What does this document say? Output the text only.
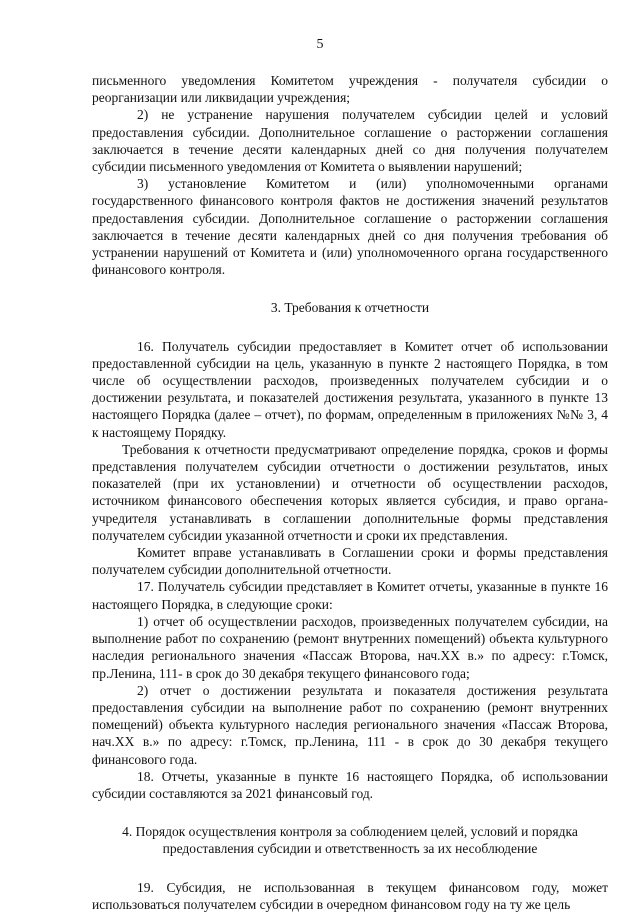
5

письменного уведомления Комитетом учреждения - получателя субсидии о реорганизации или ликвидации учреждения;

2) не устранение нарушения получателем субсидии целей и условий предоставления субсидии. Дополнительное соглашение о расторжении соглашения заключается в течение десяти календарных дней со дня получения получателем субсидии письменного уведомления от Комитета о выявлении нарушений;

3) установление Комитетом и (или) уполномоченными органами государственного финансового контроля фактов не достижения значений результатов предоставления субсидии. Дополнительное соглашение о расторжении соглашения заключается в течение десяти календарных дней со дня получения требования об устранении нарушений от Комитета и (или) уполномоченного органа государственного финансового контроля.

3. Требования к отчетности

16. Получатель субсидии предоставляет в Комитет отчет об использовании предоставленной субсидии на цель, указанную в пункте 2 настоящего Порядка, в том числе об осуществлении расходов, произведенных получателем субсидии и о достижении результата, и показателей достижения результата, указанного в пункте 13 настоящего Порядка (далее – отчет), по формам, определенным в приложениях №№ 3, 4 к настоящему Порядку.

Требования к отчетности предусматривают определение порядка, сроков и формы представления получателем субсидии отчетности о достижении результатов, иных показателей (при их установлении) и отчетности об осуществлении расходов, источником финансового обеспечения которых является субсидия, и право органа-учредителя устанавливать в соглашении дополнительные формы представления получателем субсидии указанной отчетности и сроки их представления.

Комитет вправе устанавливать в Соглашении сроки и формы представления получателем субсидии дополнительной отчетности.

17. Получатель субсидии представляет в Комитет отчеты, указанные в пункте 16 настоящего Порядка, в следующие сроки:

1) отчет об осуществлении расходов, произведенных получателем субсидии, на выполнение работ по сохранению (ремонт внутренних помещений) объекта культурного наследия регионального значения «Пассаж Второва, нач.ХХ в.» по адресу: г.Томск, пр.Ленина, 111- в срок до 30 декабря текущего финансового года;

2) отчет о достижении результата и показателя достижения результата предоставления субсидии на выполнение работ по сохранению (ремонт внутренних помещений) объекта культурного наследия регионального значения «Пассаж Второва, нач.ХХ в.» по адресу: г.Томск, пр.Ленина, 111 - в срок до 30 декабря текущего финансового года.

18. Отчеты, указанные в пункте 16 настоящего Порядка, об использовании субсидии составляются за 2021 финансовый год.

4. Порядок осуществления контроля за соблюдением целей, условий и порядка

предоставления субсидии и ответственность за их несоблюдение

19. Субсидия, не использованная в текущем финансовом году, может использоваться получателем субсидии в очередном финансовом году на ту же цель
